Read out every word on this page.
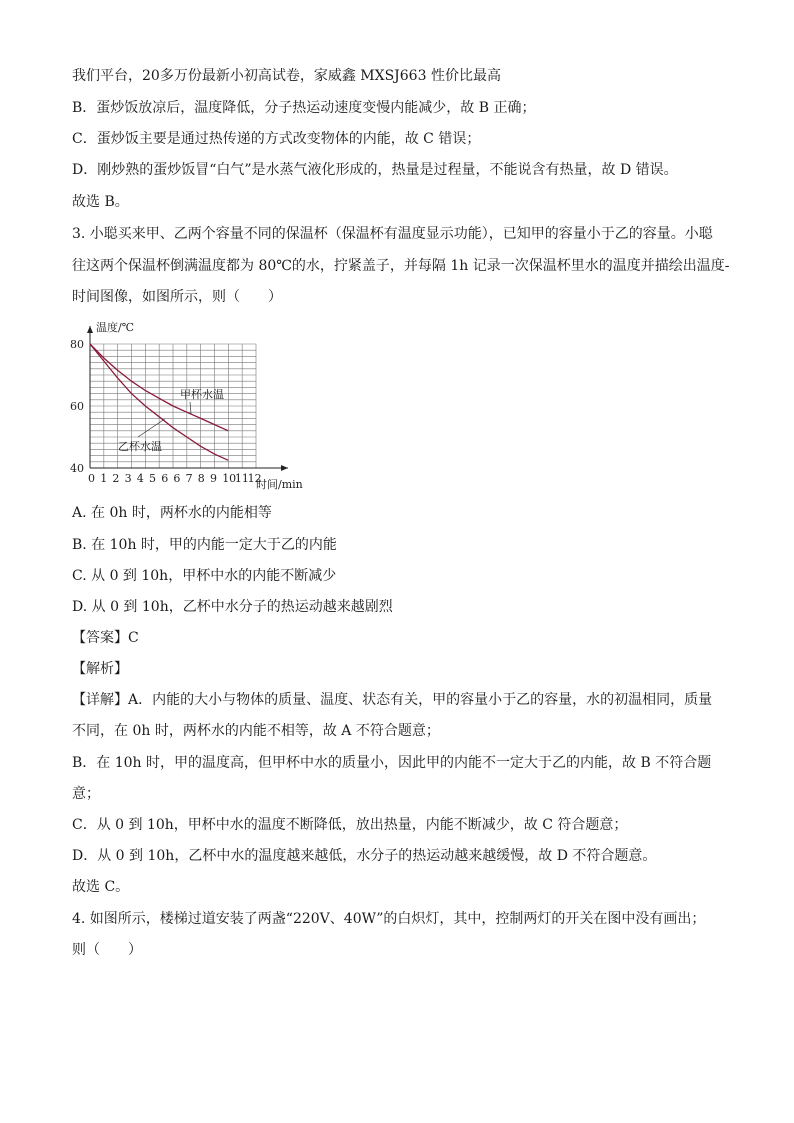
我们平台，20多万份最新小初高试卷，家威鑫 MXSJ663 性价比最高
B．蛋炒饭放凉后，温度降低，分子热运动速度变慢内能减少，故 B 正确；
C．蛋炒饭主要是通过热传递的方式改变物体的内能，故 C 错误；
D．刚炒熟的蛋炒饭冒“白气”是水蒸气液化形成的，热量是过程量，不能说含有热量，故 D 错误。
故选 B。
3. 小聪买来甲、乙两个容量不同的保温杯（保温杯有温度显示功能），已知甲的容量小于乙的容量。小聪
往这两个保温杯倒满温度都为 80℃的水，拧紧盖子，并每隔 1h 记录一次保温杯里水的温度并描绘出温度-
时间图像，如图所示，则（　　）
温度/℃
时间/min
80
60
40
0 1 2 3 4 5 6 6 7 8 9 10
11
12
甲杯水温
乙杯水温
A. 在 0h 时，两杯水的内能相等
B. 在 10h 时，甲的内能一定大于乙的内能
C. 从 0 到 10h，甲杯中水的内能不断减少
D. 从 0 到 10h，乙杯中水分子的热运动越来越剧烈
【答案】C
【解析】
【详解】A．内能的大小与物体的质量、温度、状态有关，甲的容量小于乙的容量，水的初温相同，质量
不同，在 0h 时，两杯水的内能不相等，故 A 不符合题意；
B．在 10h 时，甲的温度高，但甲杯中水的质量小，因此甲的内能不一定大于乙的内能，故 B 不符合题
意；
C．从 0 到 10h，甲杯中水的温度不断降低，放出热量，内能不断减少，故 C 符合题意；
D．从 0 到 10h，乙杯中水的温度越来越低，水分子的热运动越来越缓慢，故 D 不符合题意。
故选 C。
4. 如图所示，楼梯过道安装了两盏“220V、40W”的白炽灯，其中，控制两灯的开关在图中没有画出；
则（　　）
